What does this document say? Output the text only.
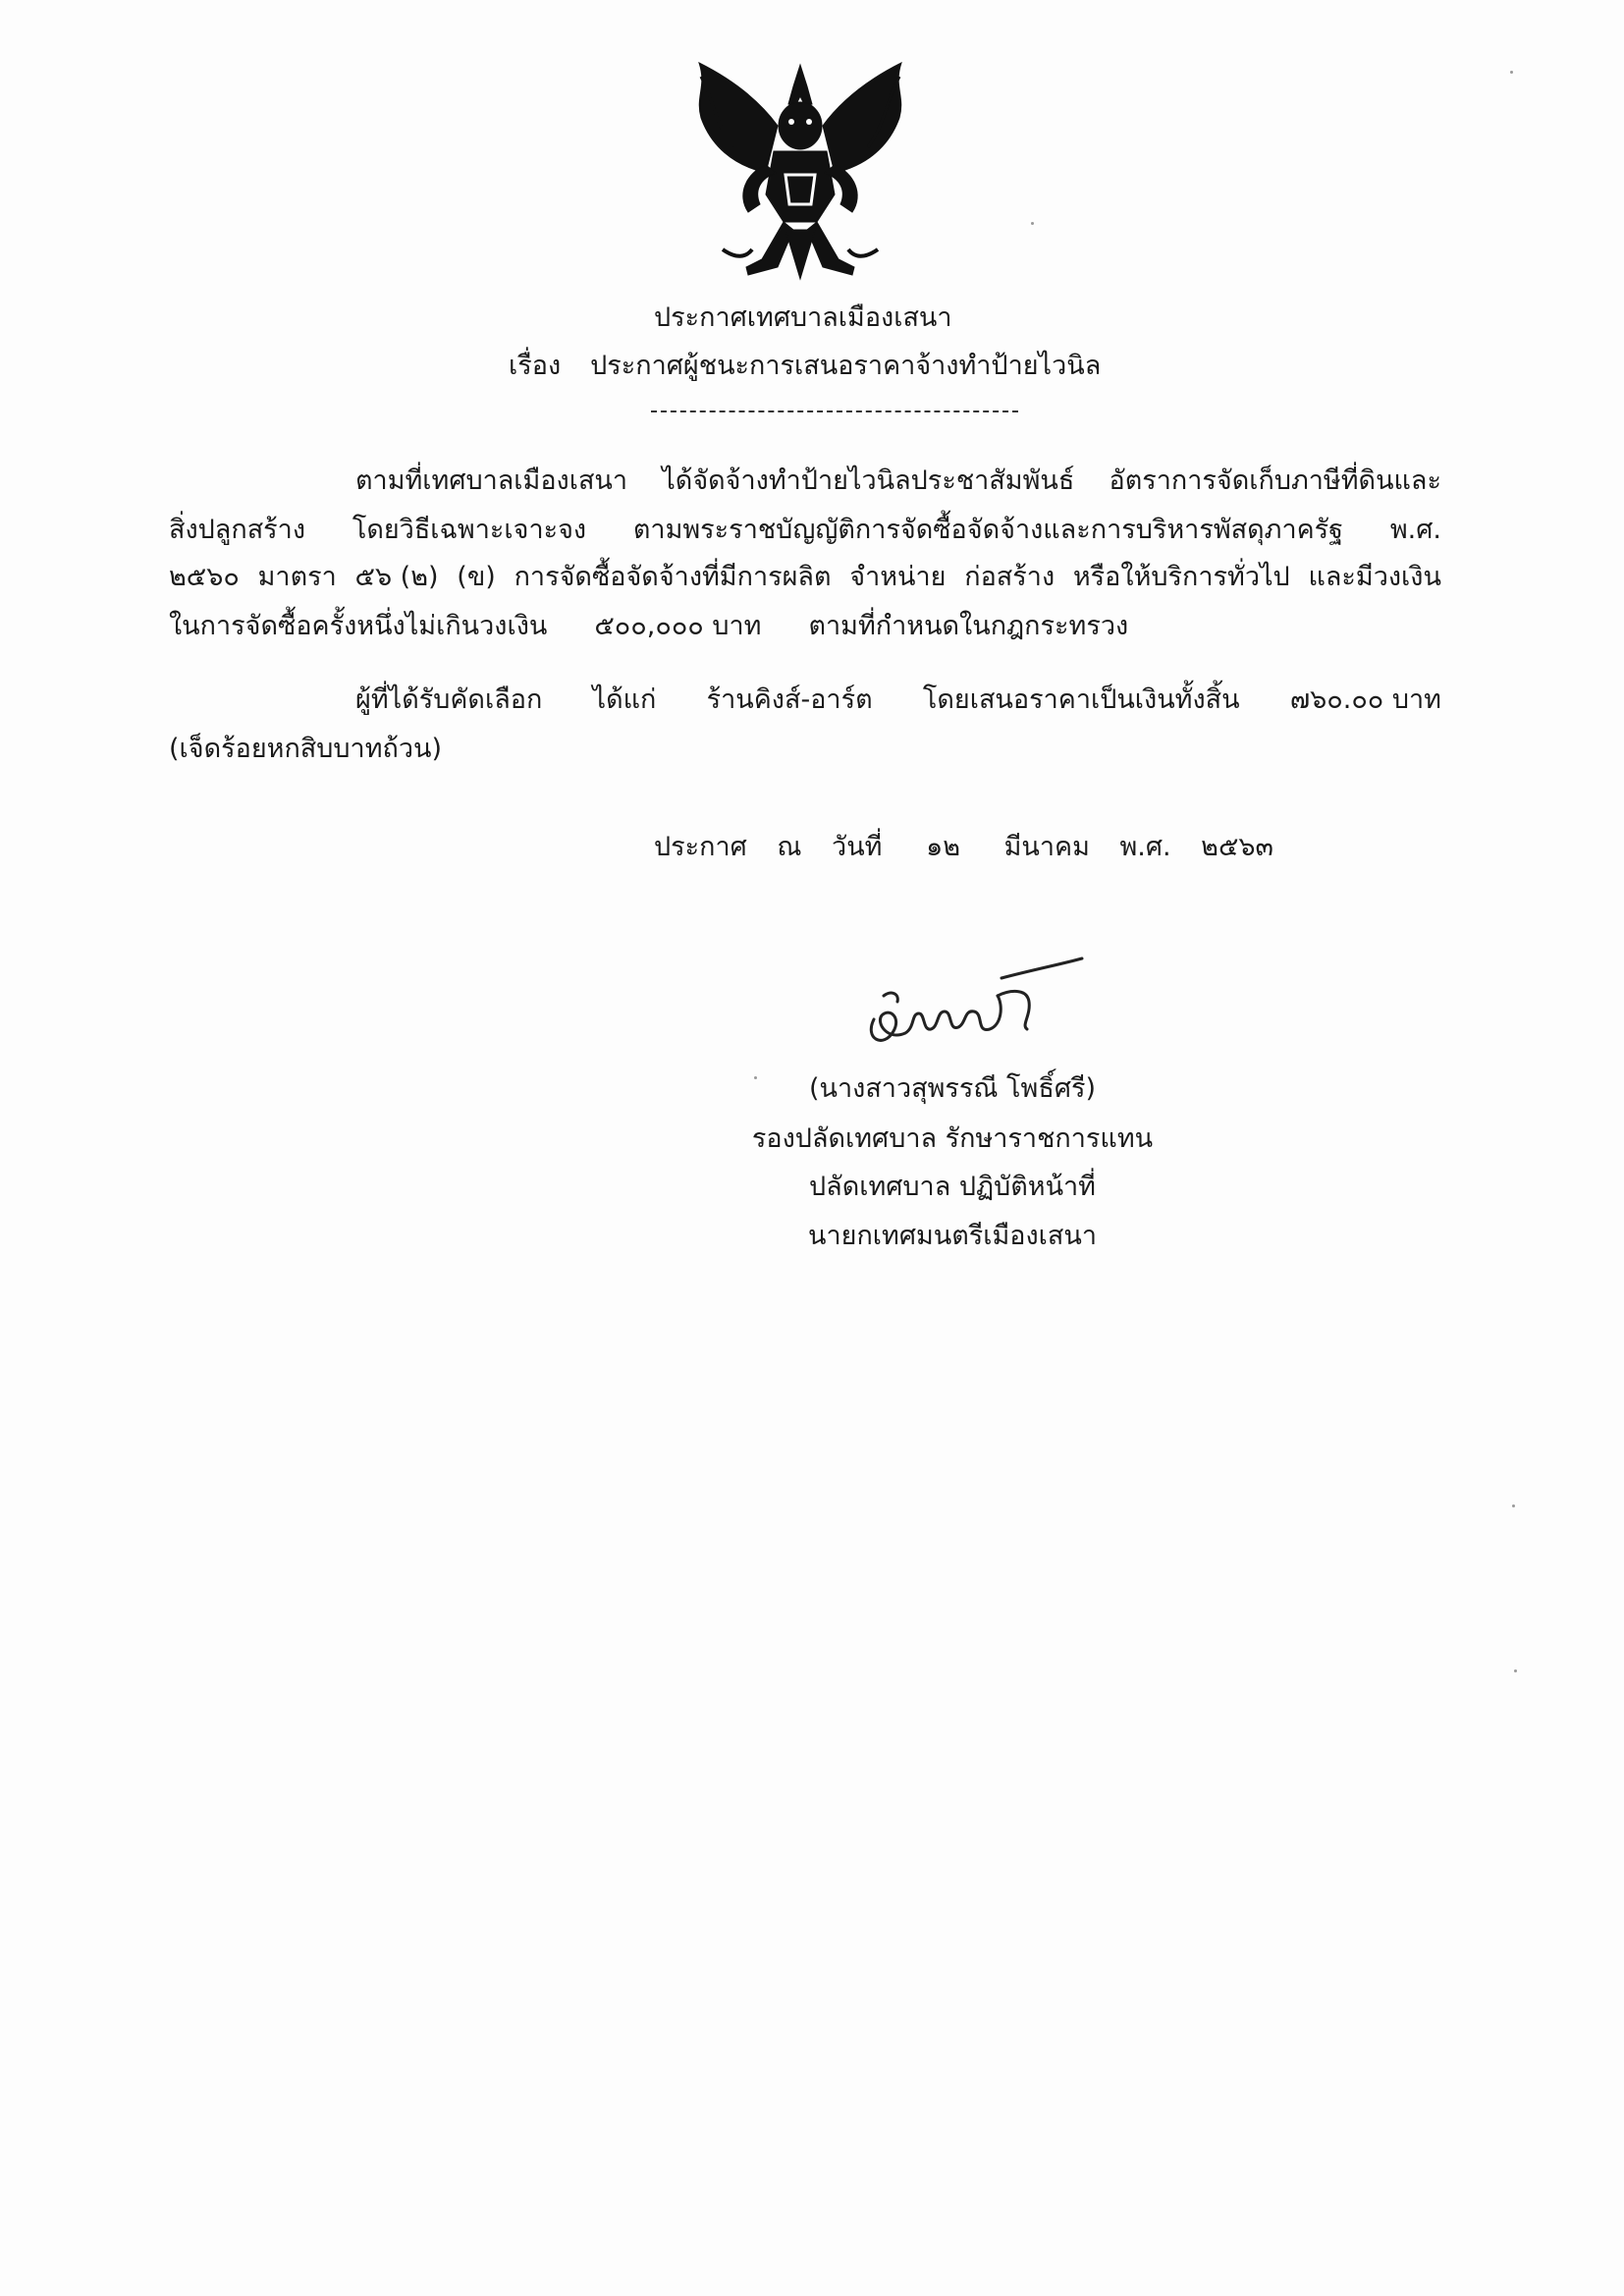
ประกาศเทศบาลเมืองเสนา
เรื่อง ประกาศผู้ชนะการเสนอราคาจ้างทำป้ายไวนิล
ตามที่เทศบาลเมืองเสนา ได้จัดจ้างทำป้ายไวนิลประชาสัมพันธ์ อัตราการจัดเก็บภาษีที่ดินและ
สิ่งปลูกสร้าง โดยวิธีเฉพาะเจาะจง ตามพระราชบัญญัติการจัดซื้อจัดจ้างและการบริหารพัสดุภาครัฐ พ.ศ.
๒๕๖๐ มาตรา ๕๖ (๒) (ข) การจัดซื้อจัดจ้างที่มีการผลิต จำหน่าย ก่อสร้าง หรือให้บริการทั่วไป และมีวงเงิน
ในการจัดซื้อครั้งหนึ่งไม่เกินวงเงิน ๕๐๐,๐๐๐ บาท ตามที่กำหนดในกฎกระทรวง
ผู้ที่ได้รับคัดเลือก ได้แก่ ร้านคิงส์-อาร์ต โดยเสนอราคาเป็นเงินทั้งสิ้น ๗๖๐.๐๐ บาท
(เจ็ดร้อยหกสิบบาทถ้วน)
ประกาศ ณ วันที่ ๑๒ มีนาคม พ.ศ. ๒๕๖๓
(นางสาวสุพรรณี โพธิ์ศรี)
รองปลัดเทศบาล รักษาราชการแทน
ปลัดเทศบาล ปฏิบัติหน้าที่
นายกเทศมนตรีเมืองเสนา
